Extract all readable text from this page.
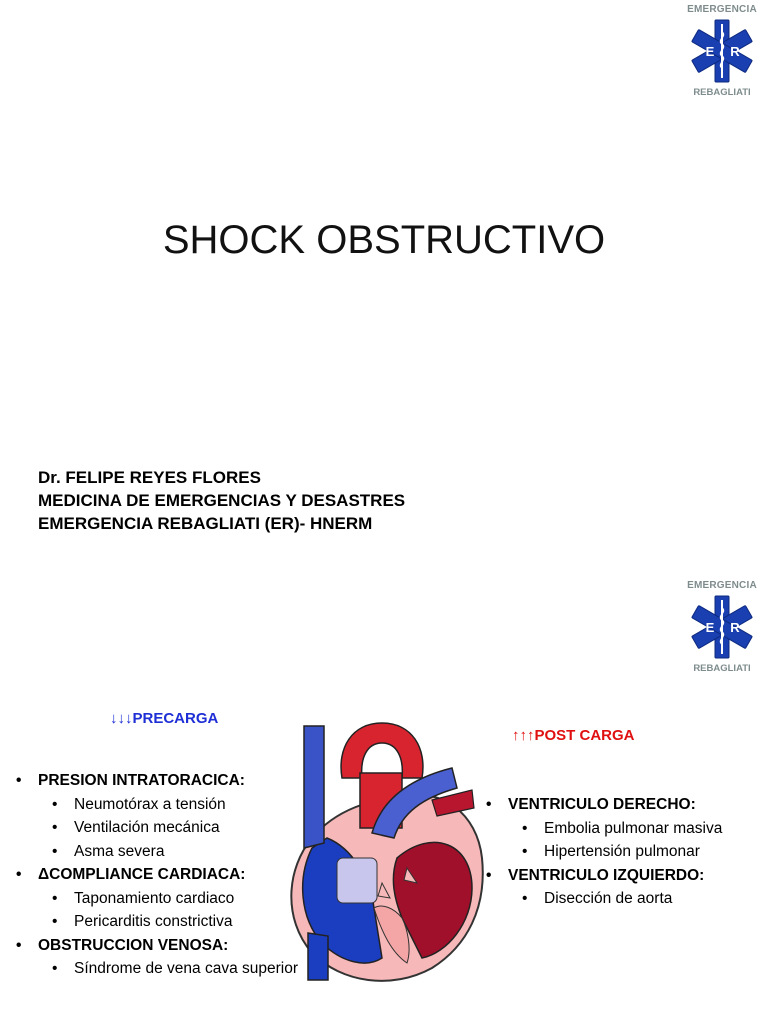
EMERGENCIA
E R
REBAGLIATI
SHOCK OBSTRUCTIVO
Dr. FELIPE REYES FLORES
MEDICINA DE EMERGENCIAS Y DESASTRES
EMERGENCIA REBAGLIATI (ER)- HNERM
EMERGENCIA
E R
REBAGLIATI
↓↓↓PRECARGA
↑↑↑POST CARGA
• PRESION INTRATORACICA:
• Neumotórax a tensión
• Ventilación mecánica
• Asma severa
• ΔCOMPLIANCE CARDIACA:
• Taponamiento cardiaco
• Pericarditis constrictiva
• OBSTRUCCION VENOSA:
• Síndrome de vena cava superior
• VENTRICULO DERECHO:
• Embolia pulmonar masiva
• Hipertensión pulmonar
• VENTRICULO IZQUIERDO:
• Disección de aorta
